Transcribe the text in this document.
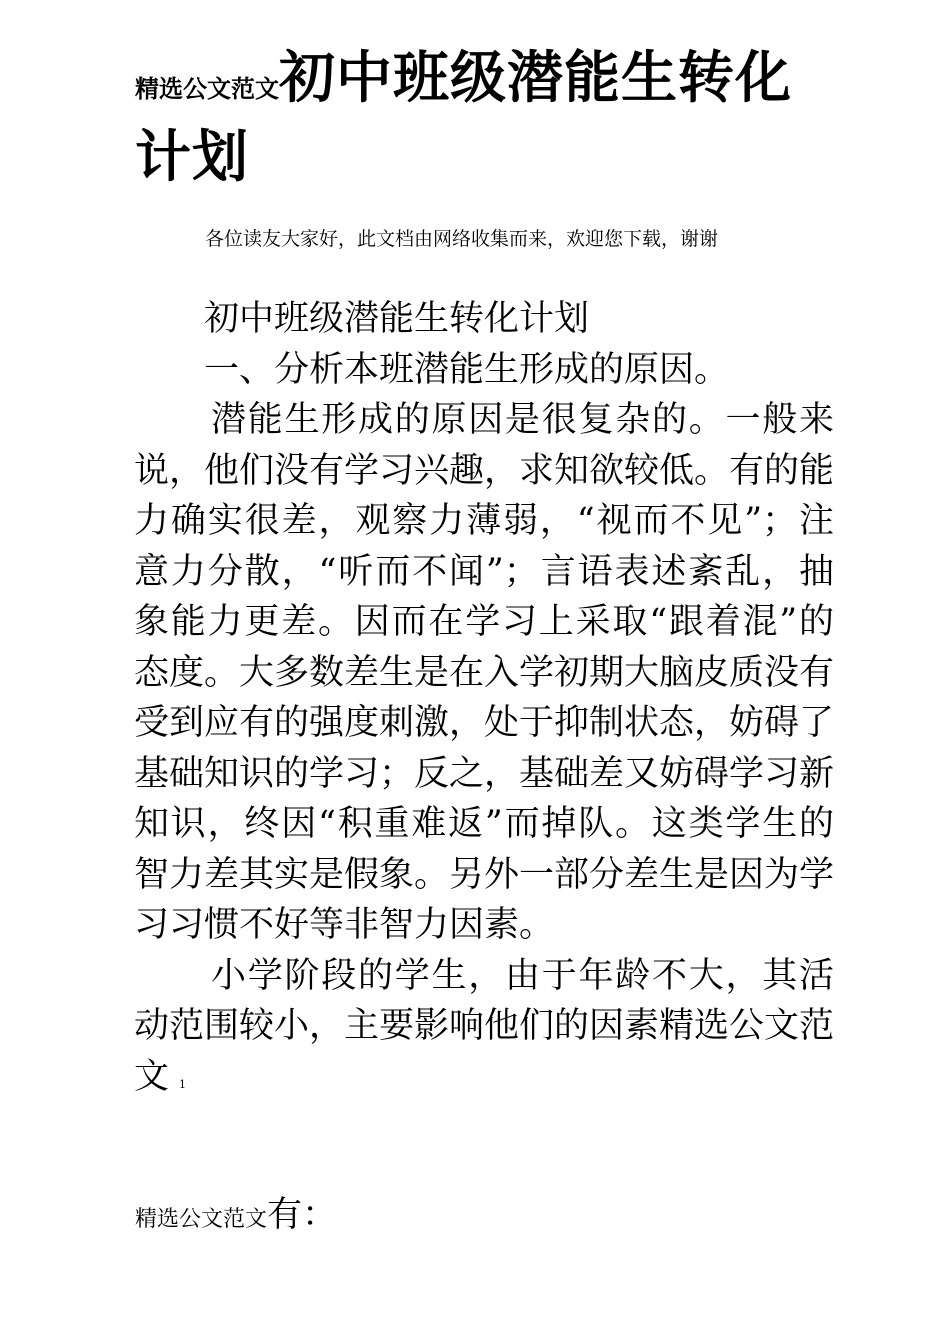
精选公文范文初中班级潜能生转化计划

各位读友大家好，此文档由网络收集而来，欢迎您下载，谢谢

初中班级潜能生转化计划

一、分析本班潜能生形成的原因。

潜能生形成的原因是很复杂的。一般来说，他们没有学习兴趣，求知欲较低。有的能力确实很差，观察力薄弱，“视而不见”；注意力分散，“听而不闻”；言语表述紊乱，抽象能力更差。因而在学习上采取“跟着混”的态度。大多数差生是在入学初期大脑皮质没有受到应有的强度刺激，处于抑制状态，妨碍了基础知识的学习；反之，基础差又妨碍学习新知识，终因“积重难返”而掉队。这类学生的智力差其实是假象。另外一部分差生是因为学习习惯不好等非智力因素。

小学阶段的学生，由于年龄不大，其活动范围较小，主要影响他们的因素精选公文范文 1

精选公文范文有：
